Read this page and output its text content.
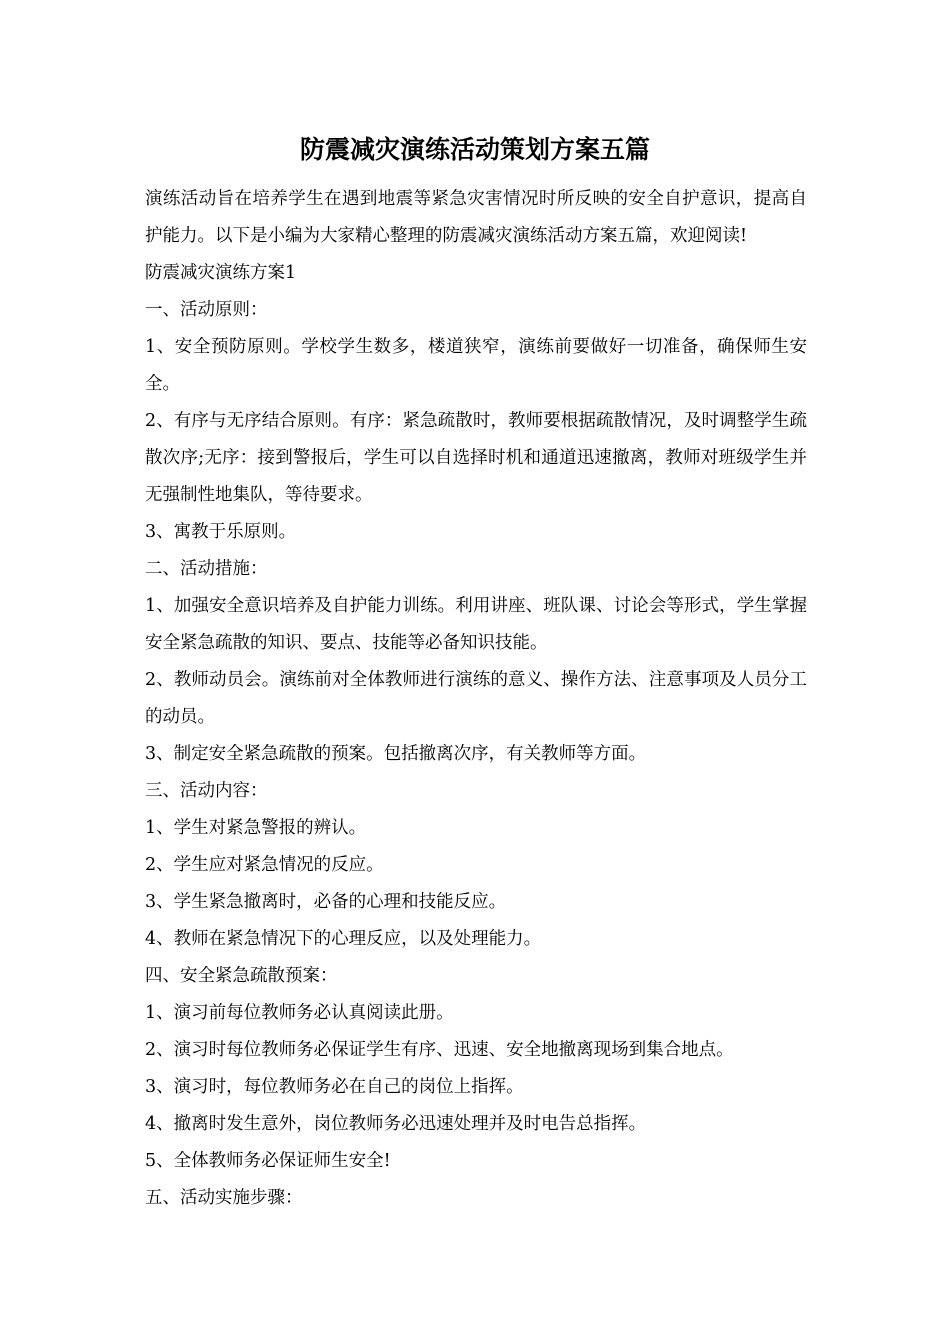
防震减灾演练活动策划方案五篇

演练活动旨在培养学生在遇到地震等紧急灾害情况时所反映的安全自护意识，提高自护能力。以下是小编为大家精心整理的防震减灾演练活动方案五篇，欢迎阅读!

防震减灾演练方案1

一、活动原则：

1、安全预防原则。学校学生数多，楼道狭窄，演练前要做好一切准备，确保师生安全。

2、有序与无序结合原则。有序：紧急疏散时，教师要根据疏散情况，及时调整学生疏散次序;无序：接到警报后，学生可以自选择时机和通道迅速撤离，教师对班级学生并无强制性地集队，等待要求。

3、寓教于乐原则。

二、活动措施：

1、加强安全意识培养及自护能力训练。利用讲座、班队课、讨论会等形式，学生掌握安全紧急疏散的知识、要点、技能等必备知识技能。

2、教师动员会。演练前对全体教师进行演练的意义、操作方法、注意事项及人员分工的动员。

3、制定安全紧急疏散的预案。包括撤离次序，有关教师等方面。

三、活动内容：

1、学生对紧急警报的辨认。

2、学生应对紧急情况的反应。

3、学生紧急撤离时，必备的心理和技能反应。

4、教师在紧急情况下的心理反应，以及处理能力。

四、安全紧急疏散预案：

1、演习前每位教师务必认真阅读此册。

2、演习时每位教师务必保证学生有序、迅速、安全地撤离现场到集合地点。

3、演习时，每位教师务必在自己的岗位上指挥。

4、撤离时发生意外，岗位教师务必迅速处理并及时电告总指挥。

5、全体教师务必保证师生安全!

五、活动实施步骤：
